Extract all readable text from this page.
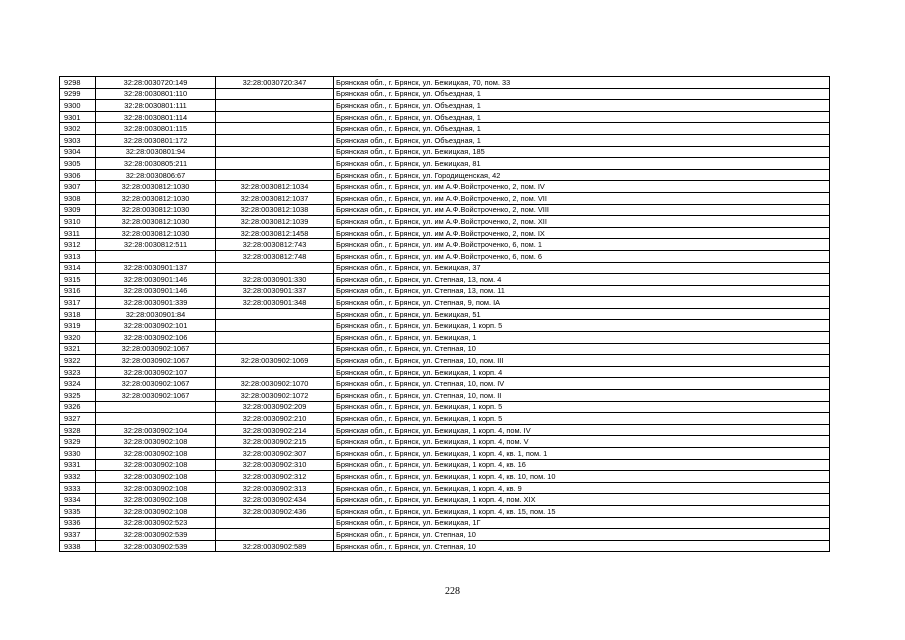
9298	32:28:0030720:149	32:28:0030720:347	Брянская обл., г. Брянск, ул. Бежицкая, 70, пом. 33
9299	32:28:0030801:110		Брянская обл., г. Брянск, ул. Объездная, 1
9300	32:28:0030801:111		Брянская обл., г. Брянск, ул. Объездная, 1
9301	32:28:0030801:114		Брянская обл., г. Брянск, ул. Объездная, 1
9302	32:28:0030801:115		Брянская обл., г. Брянск, ул. Объездная, 1
9303	32:28:0030801:172		Брянская обл., г. Брянск, ул. Объездная, 1
9304	32:28:0030801:94		Брянская обл., г. Брянск, ул. Бежицкая, 185
9305	32:28:0030805:211		Брянская обл., г. Брянск, ул. Бежицкая, 81
9306	32:28:0030806:67		Брянская обл., г. Брянск, ул. Городищенская, 42
9307	32:28:0030812:1030	32:28:0030812:1034	Брянская обл., г. Брянск, ул. им А.Ф.Войстроченко, 2, пом. IV
9308	32:28:0030812:1030	32:28:0030812:1037	Брянская обл., г. Брянск, ул. им А.Ф.Войстроченко, 2, пом. VII
9309	32:28:0030812:1030	32:28:0030812:1038	Брянская обл., г. Брянск, ул. им А.Ф.Войстроченко, 2, пом. VIII
9310	32:28:0030812:1030	32:28:0030812:1039	Брянская обл., г. Брянск, ул. им А.Ф.Войстроченко, 2, пом. XII
9311	32:28:0030812:1030	32:28:0030812:1458	Брянская обл., г. Брянск, ул. им А.Ф.Войстроченко, 2, пом. IX
9312	32:28:0030812:511	32:28:0030812:743	Брянская обл., г. Брянск, ул. им А.Ф.Войстроченко, 6, пом. 1
9313		32:28:0030812:748	Брянская обл., г. Брянск, ул. им А.Ф.Войстроченко, 6, пом. 6
9314	32:28:0030901:137		Брянская обл., г. Брянск, ул. Бежицкая, 37
9315	32:28:0030901:146	32:28:0030901:330	Брянская обл., г. Брянск, ул. Степная, 13, пом. 4
9316	32:28:0030901:146	32:28:0030901:337	Брянская обл., г. Брянск, ул. Степная, 13, пом. 11
9317	32:28:0030901:339	32:28:0030901:348	Брянская обл., г. Брянск, ул. Степная, 9, пом. IA
9318	32:28:0030901:84		Брянская обл., г. Брянск, ул. Бежицкая, 51
9319	32:28:0030902:101		Брянская обл., г. Брянск, ул. Бежицкая, 1 корп. 5
9320	32:28:0030902:106		Брянская обл., г. Брянск, ул. Бежицкая, 1
9321	32:28:0030902:1067		Брянская обл., г. Брянск, ул. Степная, 10
9322	32:28:0030902:1067	32:28:0030902:1069	Брянская обл., г. Брянск, ул. Степная, 10, пом. III
9323	32:28:0030902:107		Брянская обл., г. Брянск, ул. Бежицкая, 1 корп. 4
9324	32:28:0030902:1067	32:28:0030902:1070	Брянская обл., г. Брянск, ул. Степная, 10, пом. IV
9325	32:28:0030902:1067	32:28:0030902:1072	Брянская обл., г. Брянск, ул. Степная, 10, пом. II
9326		32:28:0030902:209	Брянская обл., г. Брянск, ул. Бежицкая, 1 корп. 5
9327		32:28:0030902:210	Брянская обл., г. Брянск, ул. Бежицкая, 1 корп. 5
9328	32:28:0030902:104	32:28:0030902:214	Брянская обл., г. Брянск, ул. Бежицкая, 1 корп. 4, пом. IV
9329	32:28:0030902:108	32:28:0030902:215	Брянская обл., г. Брянск, ул. Бежицкая, 1 корп. 4, пом. V
9330	32:28:0030902:108	32:28:0030902:307	Брянская обл., г. Брянск, ул. Бежицкая, 1 корп. 4, кв. 1, пом. 1
9331	32:28:0030902:108	32:28:0030902:310	Брянская обл., г. Брянск, ул. Бежицкая, 1 корп. 4, кв. 16
9332	32:28:0030902:108	32:28:0030902:312	Брянская обл., г. Брянск, ул. Бежицкая, 1 корп. 4, кв. 10, пом. 10
9333	32:28:0030902:108	32:28:0030902:313	Брянская обл., г. Брянск, ул. Бежицкая, 1 корп. 4, кв. 9
9334	32:28:0030902:108	32:28:0030902:434	Брянская обл., г. Брянск, ул. Бежицкая, 1 корп. 4, пом. XIX
9335	32:28:0030902:108	32:28:0030902:436	Брянская обл., г. Брянск, ул. Бежицкая, 1 корп. 4, кв. 15, пом. 15
9336	32:28:0030902:523		Брянская обл., г. Брянск, ул. Бежицкая, 1Г
9337	32:28:0030902:539		Брянская обл., г. Брянск, ул. Степная, 10
9338	32:28:0030902:539	32:28:0030902:589	Брянская обл., г. Брянск, ул. Степная, 10
228
